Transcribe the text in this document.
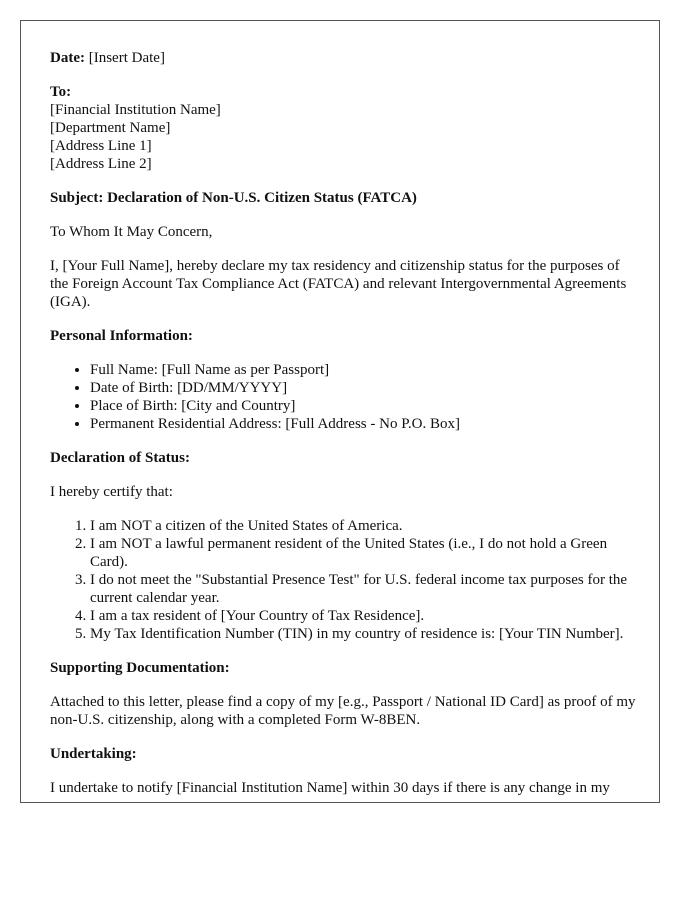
Date: [Insert Date]

To:
[Financial Institution Name]
[Department Name]
[Address Line 1]
[Address Line 2]

Subject: Declaration of Non-U.S. Citizen Status (FATCA)

To Whom It May Concern,

I, [Your Full Name], hereby declare my tax residency and citizenship status for the purposes of the Foreign Account Tax Compliance Act (FATCA) and relevant Intergovernmental Agreements (IGA).

Personal Information:

• Full Name: [Full Name as per Passport]
• Date of Birth: [DD/MM/YYYY]
• Place of Birth: [City and Country]
• Permanent Residential Address: [Full Address - No P.O. Box]

Declaration of Status:

I hereby certify that:

1. I am NOT a citizen of the United States of America.
2. I am NOT a lawful permanent resident of the United States (i.e., I do not hold a Green Card).
3. I do not meet the "Substantial Presence Test" for U.S. federal income tax purposes for the current calendar year.
4. I am a tax resident of [Your Country of Tax Residence].
5. My Tax Identification Number (TIN) in my country of residence is: [Your TIN Number].

Supporting Documentation:

Attached to this letter, please find a copy of my [e.g., Passport / National ID Card] as proof of my non-U.S. citizenship, along with a completed Form W-8BEN.

Undertaking:

I undertake to notify [Financial Institution Name] within 30 days if there is any change in my
